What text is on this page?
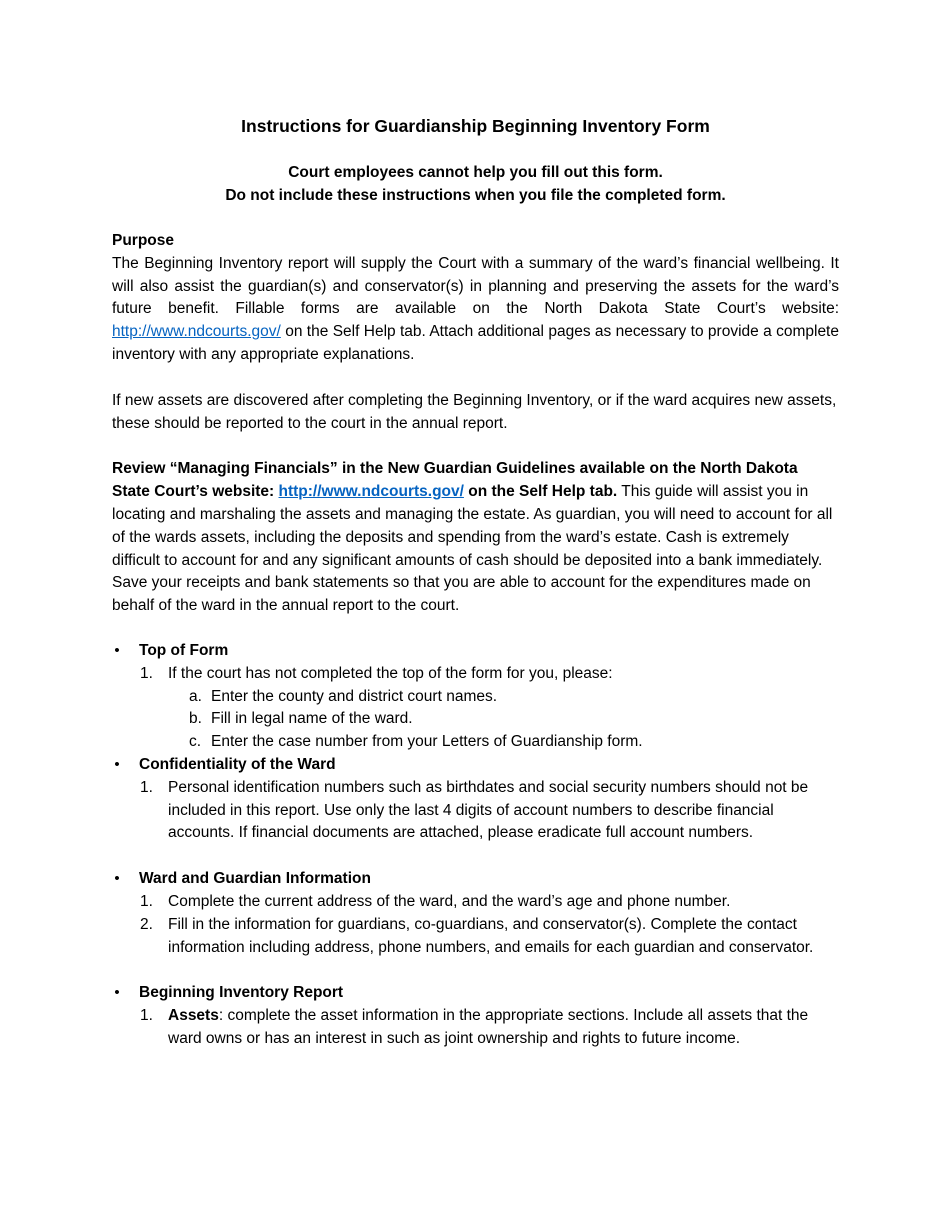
Instructions for Guardianship Beginning Inventory Form
Court employees cannot help you fill out this form.
Do not include these instructions when you file the completed form.
Purpose

The Beginning Inventory report will supply the Court with a summary of the ward’s financial wellbeing. It will also assist the guardian(s) and conservator(s) in planning and preserving the assets for the ward’s future benefit. Fillable forms are available on the North Dakota State Court’s website: http://www.ndcourts.gov/ on the Self Help tab. Attach additional pages as necessary to provide a complete inventory with any appropriate explanations.

If new assets are discovered after completing the Beginning Inventory, or if the ward acquires new assets, these should be reported to the court in the annual report.

Review “Managing Financials” in the New Guardian Guidelines available on the North Dakota State Court’s website: http://www.ndcourts.gov/ on the Self Help tab. This guide will assist you in locating and marshaling the assets and managing the estate. As guardian, you will need to account for all of the wards assets, including the deposits and spending from the ward’s estate. Cash is extremely difficult to account for and any significant amounts of cash should be deposited into a bank immediately. Save your receipts and bank statements so that you are able to account for the expenditures made on behalf of the ward in the annual report to the court.

• Top of Form
1. If the court has not completed the top of the form for you, please:
a. Enter the county and district court names.
b. Fill in legal name of the ward.
c. Enter the case number from your Letters of Guardianship form.
• Confidentiality of the Ward
1. Personal identification numbers such as birthdates and social security numbers should not be included in this report. Use only the last 4 digits of account numbers to describe financial accounts. If financial documents are attached, please eradicate full account numbers.
• Ward and Guardian Information
1. Complete the current address of the ward, and the ward’s age and phone number.
2. Fill in the information for guardians, co-guardians, and conservator(s). Complete the contact information including address, phone numbers, and emails for each guardian and conservator.
• Beginning Inventory Report
1. Assets: complete the asset information in the appropriate sections. Include all assets that the ward owns or has an interest in such as joint ownership and rights to future income.
